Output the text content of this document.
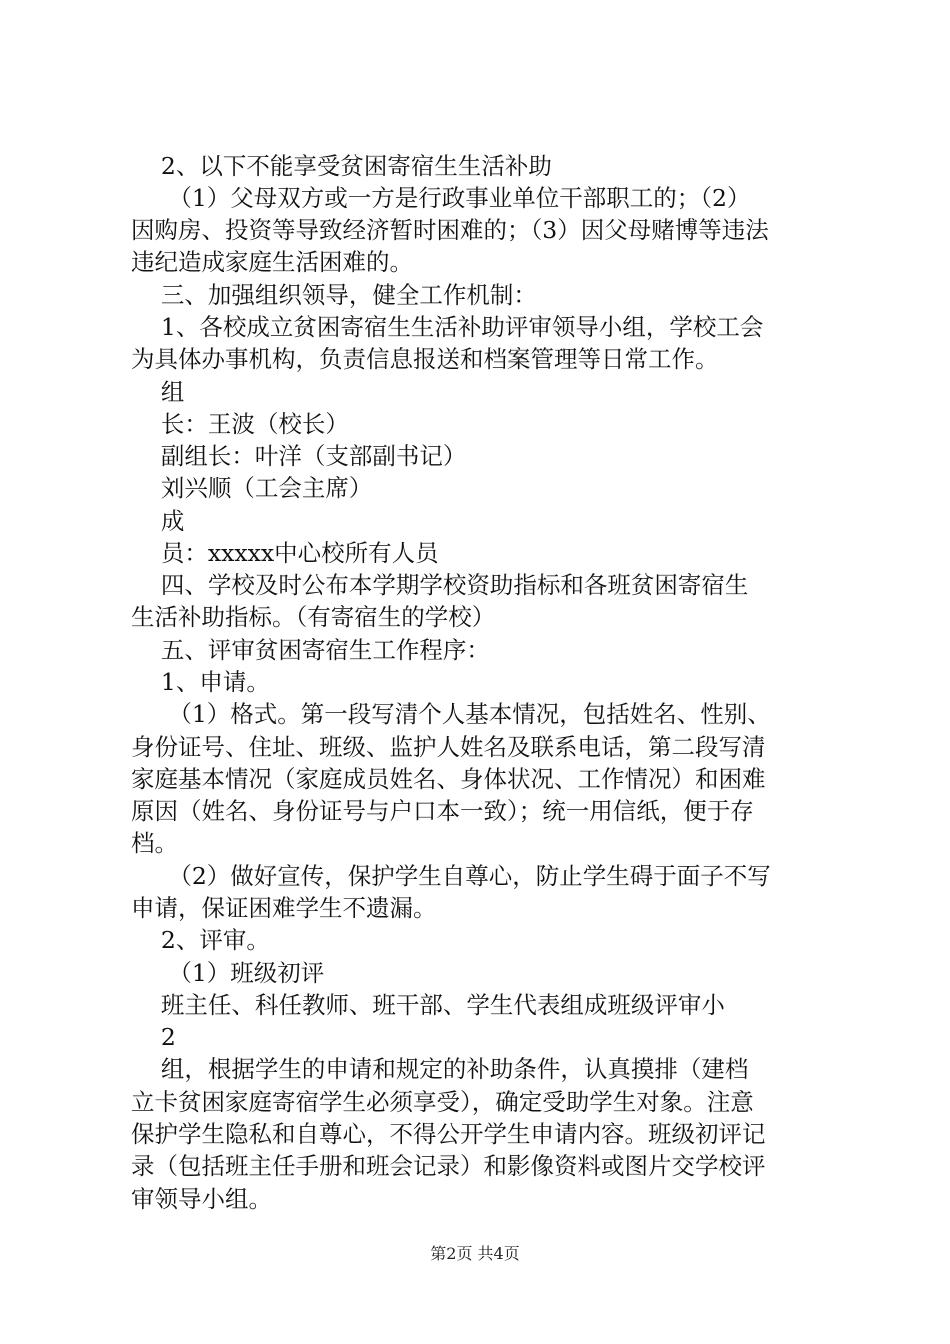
2、以下不能享受贫困寄宿生生活补助
（1）父母双方或一方是行政事业单位干部职工的；（2）
因购房、投资等导致经济暂时困难的；（3）因父母赌博等违法
违纪造成家庭生活困难的。
三、加强组织领导，健全工作机制：
1、各校成立贫困寄宿生生活补助评审领导小组，学校工会
为具体办事机构，负责信息报送和档案管理等日常工作。
组
长：王波（校长）
副组长：叶洋（支部副书记）
刘兴顺（工会主席）
成
员：xxxxx中心校所有人员
四、学校及时公布本学期学校资助指标和各班贫困寄宿生
生活补助指标。（有寄宿生的学校）
五、评审贫困寄宿生工作程序：
1、申请。
（1）格式。第一段写清个人基本情况，包括姓名、性别、
身份证号、住址、班级、监护人姓名及联系电话，第二段写清
家庭基本情况（家庭成员姓名、身体状况、工作情况）和困难
原因（姓名、身份证号与户口本一致）；统一用信纸，便于存
档。
（2）做好宣传，保护学生自尊心，防止学生碍于面子不写
申请，保证困难学生不遗漏。
2、评审。
（1）班级初评
班主任、科任教师、班干部、学生代表组成班级评审小
2
组，根据学生的申请和规定的补助条件，认真摸排（建档
立卡贫困家庭寄宿学生必须享受），确定受助学生对象。注意
保护学生隐私和自尊心，不得公开学生申请内容。班级初评记
录（包括班主任手册和班会记录）和影像资料或图片交学校评
审领导小组。
第2页 共4页
